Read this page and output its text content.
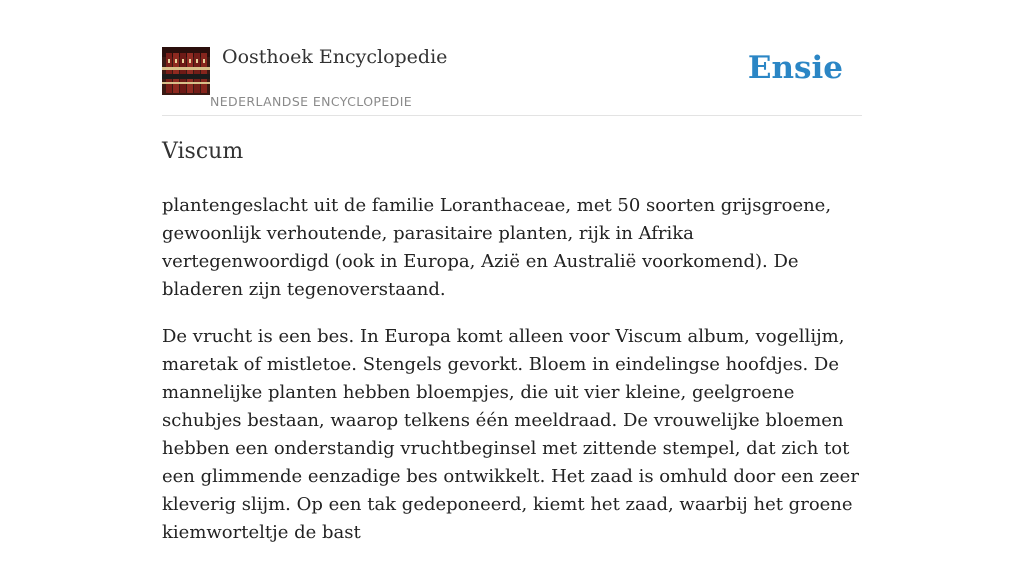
Oosthoek Encyclopedie
NEDERLANDSE ENCYCLOPEDIE
Ensie
Viscum

plantengeslacht uit de familie Loranthaceae, met 50 soorten grijsgroene, gewoonlijk verhoutende, parasitaire planten, rijk in Afrika vertegenwoordigd (ook in Europa, Azië en Australië voorkomend). De bladeren zijn tegenoverstaand.

De vrucht is een bes. In Europa komt alleen voor Viscum album, vogellijm, maretak of mistletoe. Stengels gevorkt. Bloem in eindelingse hoofdjes. De mannelijke planten hebben bloempjes, die uit vier kleine, geelgroene schubjes bestaan, waarop telkens één meeldraad. De vrouwelijke bloemen hebben een onderstandig vruchtbeginsel met zittende stempel, dat zich tot een glimmende eenzadige bes ontwikkelt. Het zaad is omhuld door een zeer kleverig slijm. Op een tak gedeponeerd, kiemt het zaad, waarbij het groene kiemworteltje de bast
